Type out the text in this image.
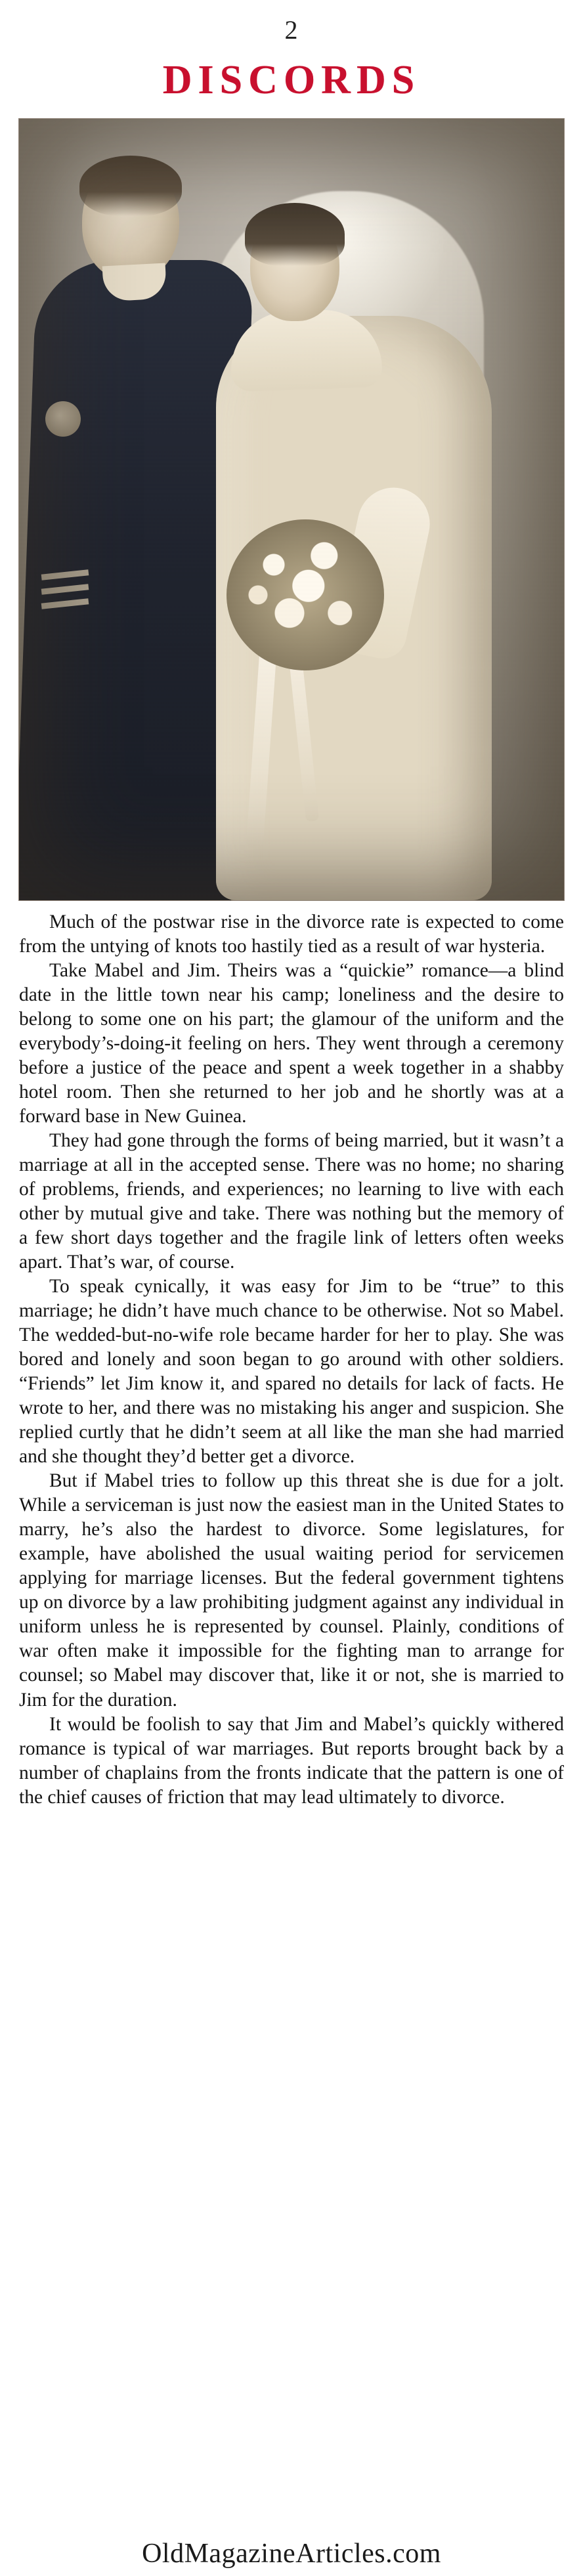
2
DISCORDS

Much of the postwar rise in the divorce rate is expected to come from the untying of knots too hastily tied as a result of war hysteria.

Take Mabel and Jim. Theirs was a “quickie” romance—a blind date in the little town near his camp; loneliness and the desire to belong to some one on his part; the glamour of the uniform and the everybody’s-doing-it feeling on hers. They went through a ceremony before a justice of the peace and spent a week together in a shabby hotel room. Then she returned to her job and he shortly was at a forward base in New Guinea.

They had gone through the forms of being married, but it wasn’t a marriage at all in the accepted sense. There was no home; no sharing of problems, friends, and experiences; no learning to live with each other by mutual give and take. There was nothing but the memory of a few short days together and the fragile link of letters often weeks apart. That’s war, of course.

To speak cynically, it was easy for Jim to be “true” to this marriage; he didn’t have much chance to be otherwise. Not so Mabel. The wedded-but-no-wife role became harder for her to play. She was bored and lonely and soon began to go around with other soldiers. “Friends” let Jim know it, and spared no details for lack of facts. He wrote to her, and there was no mistaking his anger and suspicion. She replied curtly that he didn’t seem at all like the man she had married and she thought they’d better get a divorce.

But if Mabel tries to follow up this threat she is due for a jolt. While a serviceman is just now the easiest man in the United States to marry, he’s also the hardest to divorce. Some legislatures, for example, have abolished the usual waiting period for servicemen applying for marriage licenses. But the federal government tightens up on divorce by a law prohibiting judgment against any individual in uniform unless he is represented by counsel. Plainly, conditions of war often make it impossible for the fighting man to arrange for counsel; so Mabel may discover that, like it or not, she is married to Jim for the duration.

It would be foolish to say that Jim and Mabel’s quickly withered romance is typical of war marriages. But reports brought back by a number of chaplains from the fronts indicate that the pattern is one of the chief causes of friction that may lead ultimately to divorce.

OldMagazineArticles.com
